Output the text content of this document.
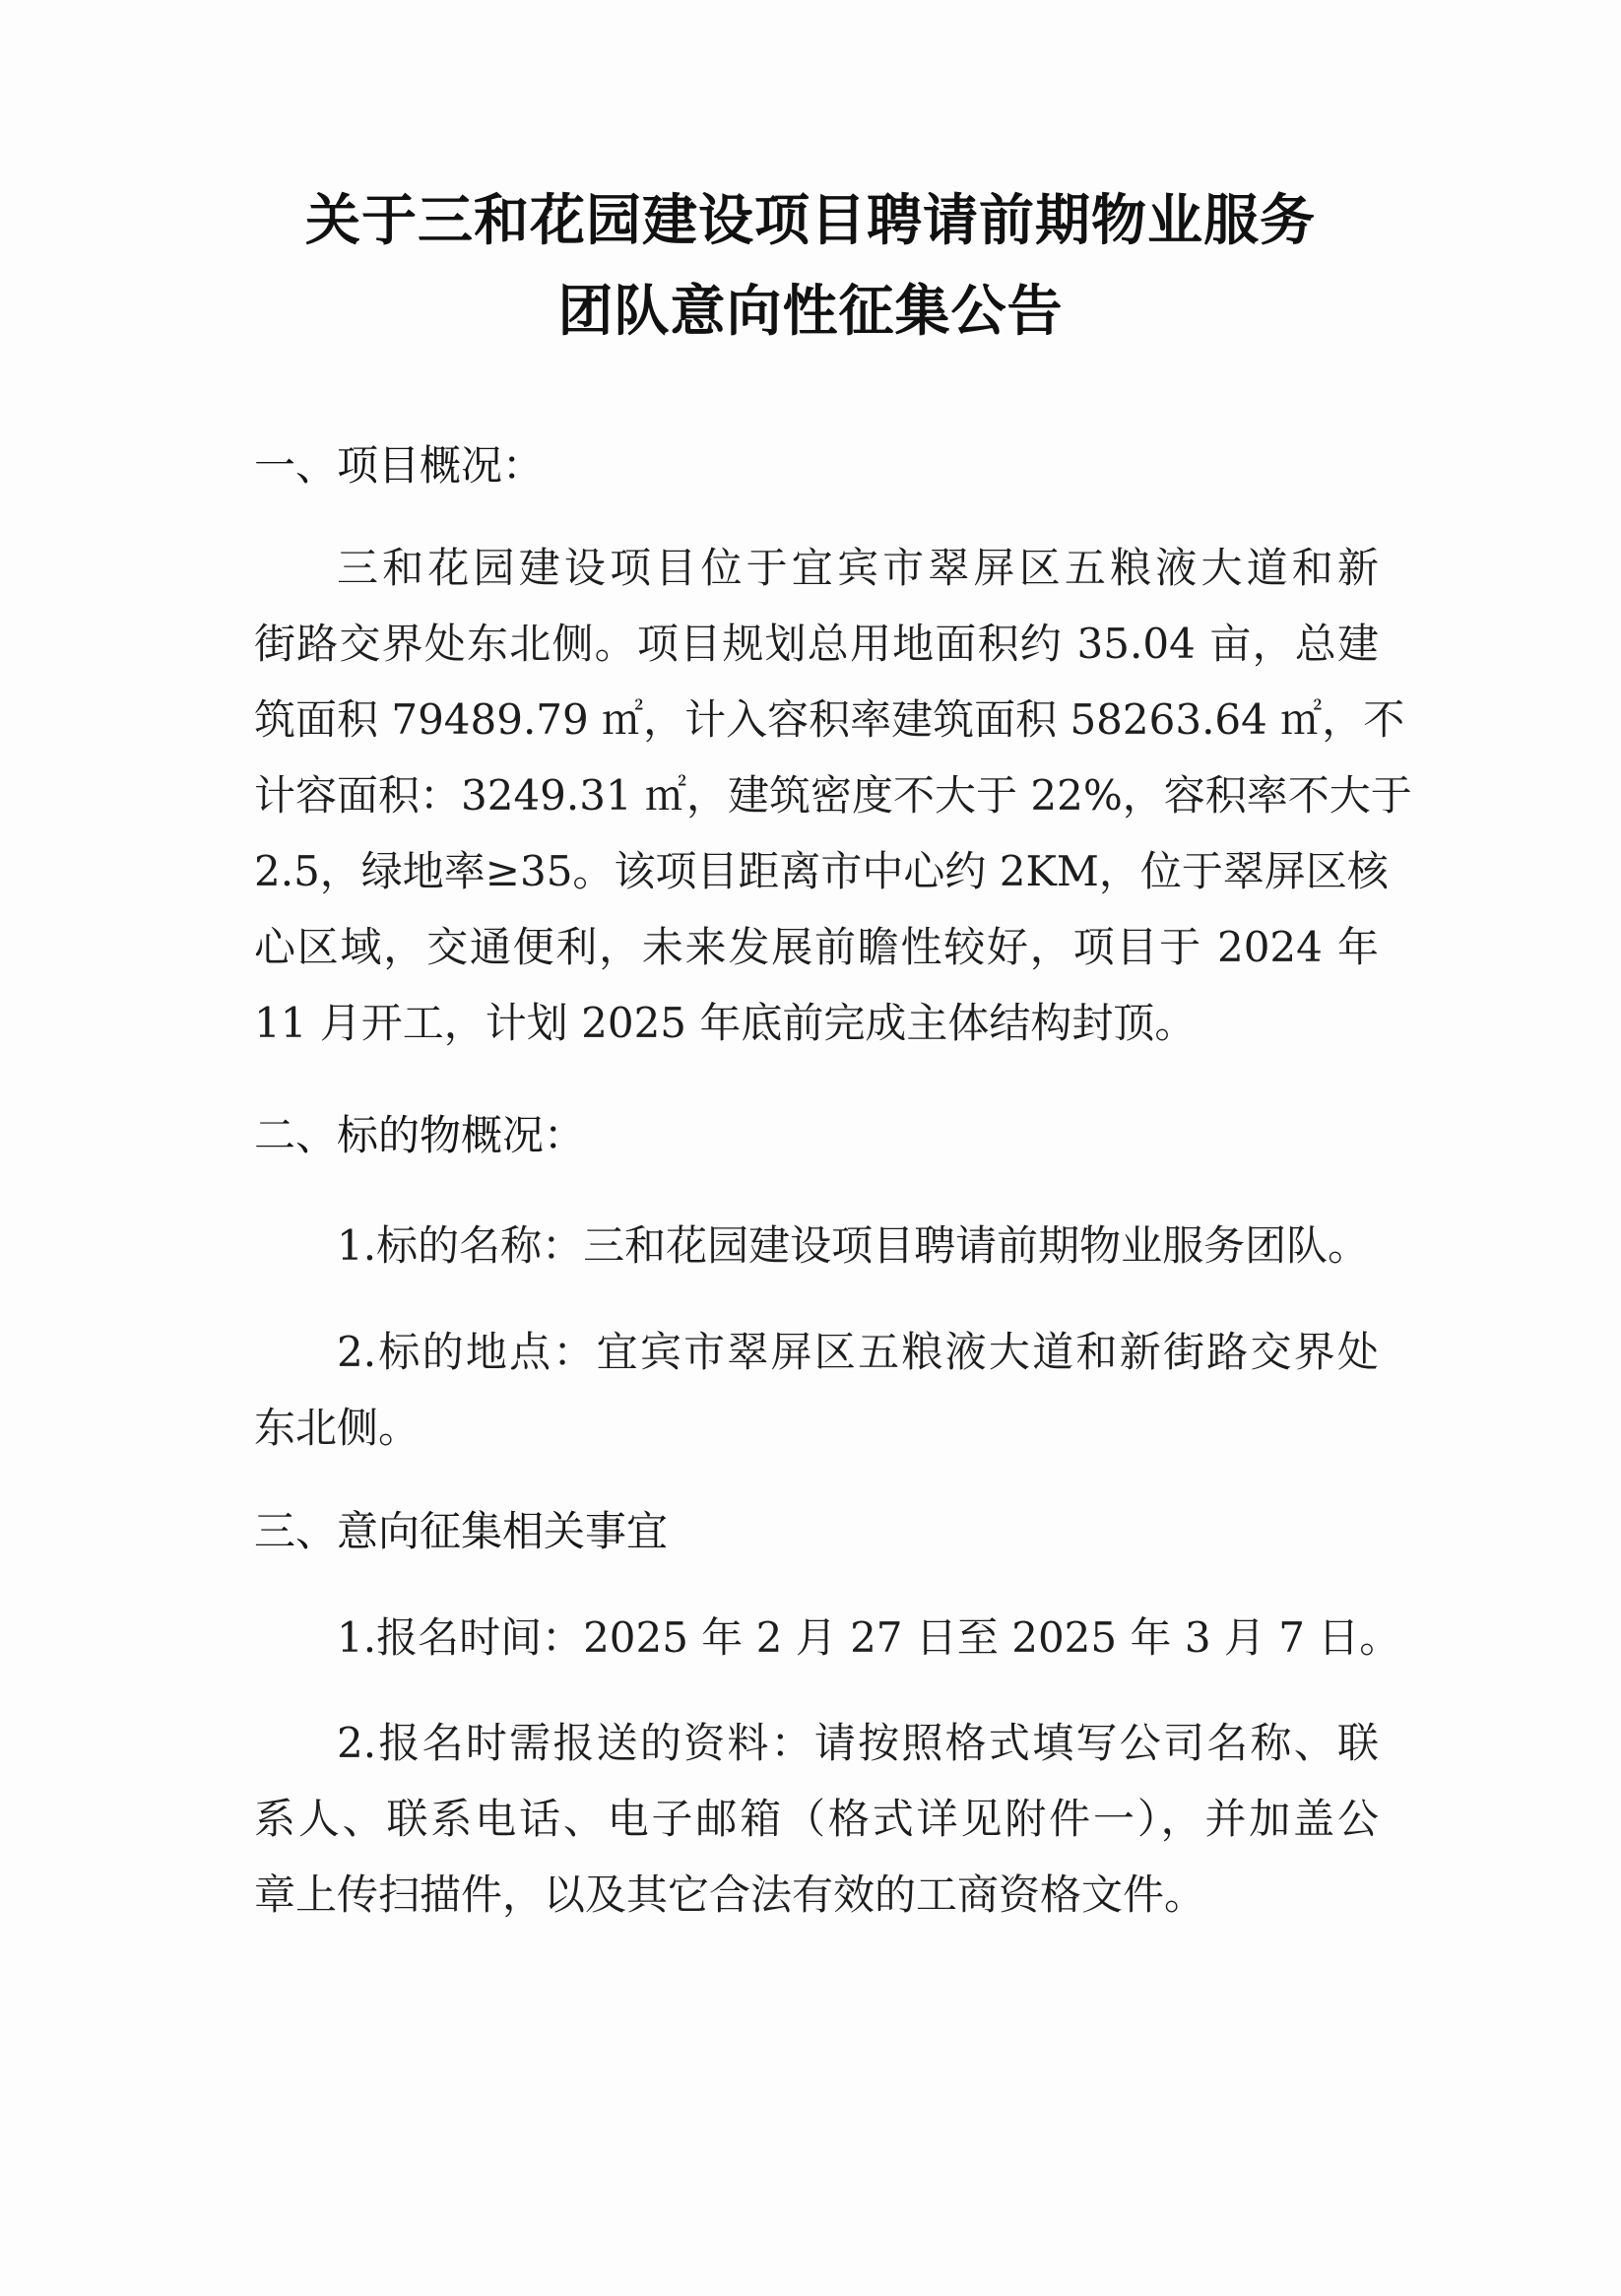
关于三和花园建设项目聘请前期物业服务
团队意向性征集公告
一、项目概况：
三和花园建设项目位于宜宾市翠屏区五粮液大道和新
街路交界处东北侧。项目规划总用地面积约 35.04 亩，总建
筑面积 79489.79 ㎡，计入容积率建筑面积 58263.64 ㎡，不
计容面积：3249.31 ㎡，建筑密度不大于 22%，容积率不大于
2.5，绿地率≥35。该项目距离市中心约 2KM，位于翠屏区核
心区域，交通便利，未来发展前瞻性较好，项目于 2024 年
11 月开工，计划 2025 年底前完成主体结构封顶。
二、标的物概况：
1.标的名称：三和花园建设项目聘请前期物业服务团队。
2.标的地点：宜宾市翠屏区五粮液大道和新街路交界处
东北侧。
三、意向征集相关事宜
1.报名时间：2025 年 2 月 27 日至 2025 年 3 月 7 日。
2.报名时需报送的资料：请按照格式填写公司名称、联
系人、联系电话、电子邮箱（格式详见附件一），并加盖公
章上传扫描件，以及其它合法有效的工商资格文件。
